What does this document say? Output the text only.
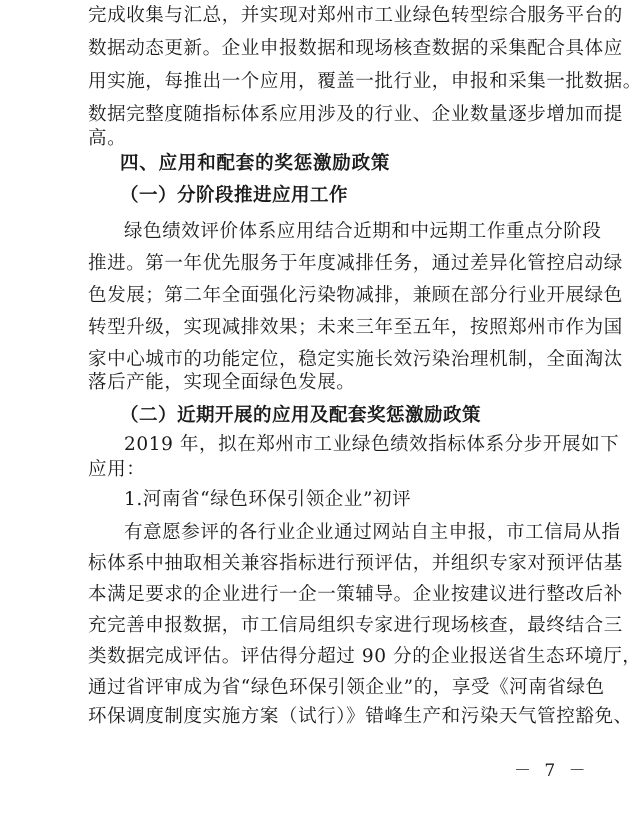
完成收集与汇总，并实现对郑州市工业绿色转型综合服务平台的
数据动态更新。企业申报数据和现场核查数据的采集配合具体应
用实施，每推出一个应用，覆盖一批行业，申报和采集一批数据。
数据完整度随指标体系应用涉及的行业、企业数量逐步增加而提
高。
四、应用和配套的奖惩激励政策
（一）分阶段推进应用工作
绿色绩效评价体系应用结合近期和中远期工作重点分阶段
推进。第一年优先服务于年度减排任务，通过差异化管控启动绿
色发展；第二年全面强化污染物减排，兼顾在部分行业开展绿色
转型升级，实现减排效果；未来三年至五年，按照郑州市作为国
家中心城市的功能定位，稳定实施长效污染治理机制，全面淘汰
落后产能，实现全面绿色发展。
（二）近期开展的应用及配套奖惩激励政策
2019 年，拟在郑州市工业绿色绩效指标体系分步开展如下
应用：
1.河南省“绿色环保引领企业”初评
有意愿参评的各行业企业通过网站自主申报，市工信局从指
标体系中抽取相关兼容指标进行预评估，并组织专家对预评估基
本满足要求的企业进行一企一策辅导。企业按建议进行整改后补
充完善申报数据，市工信局组织专家进行现场核查，最终结合三
类数据完成评估。评估得分超过 90 分的企业报送省生态环境厅，
通过省评审成为省“绿色环保引领企业”的，享受《河南省绿色
环保调度制度实施方案（试行）》错峰生产和污染天气管控豁免、
－ 7 －
